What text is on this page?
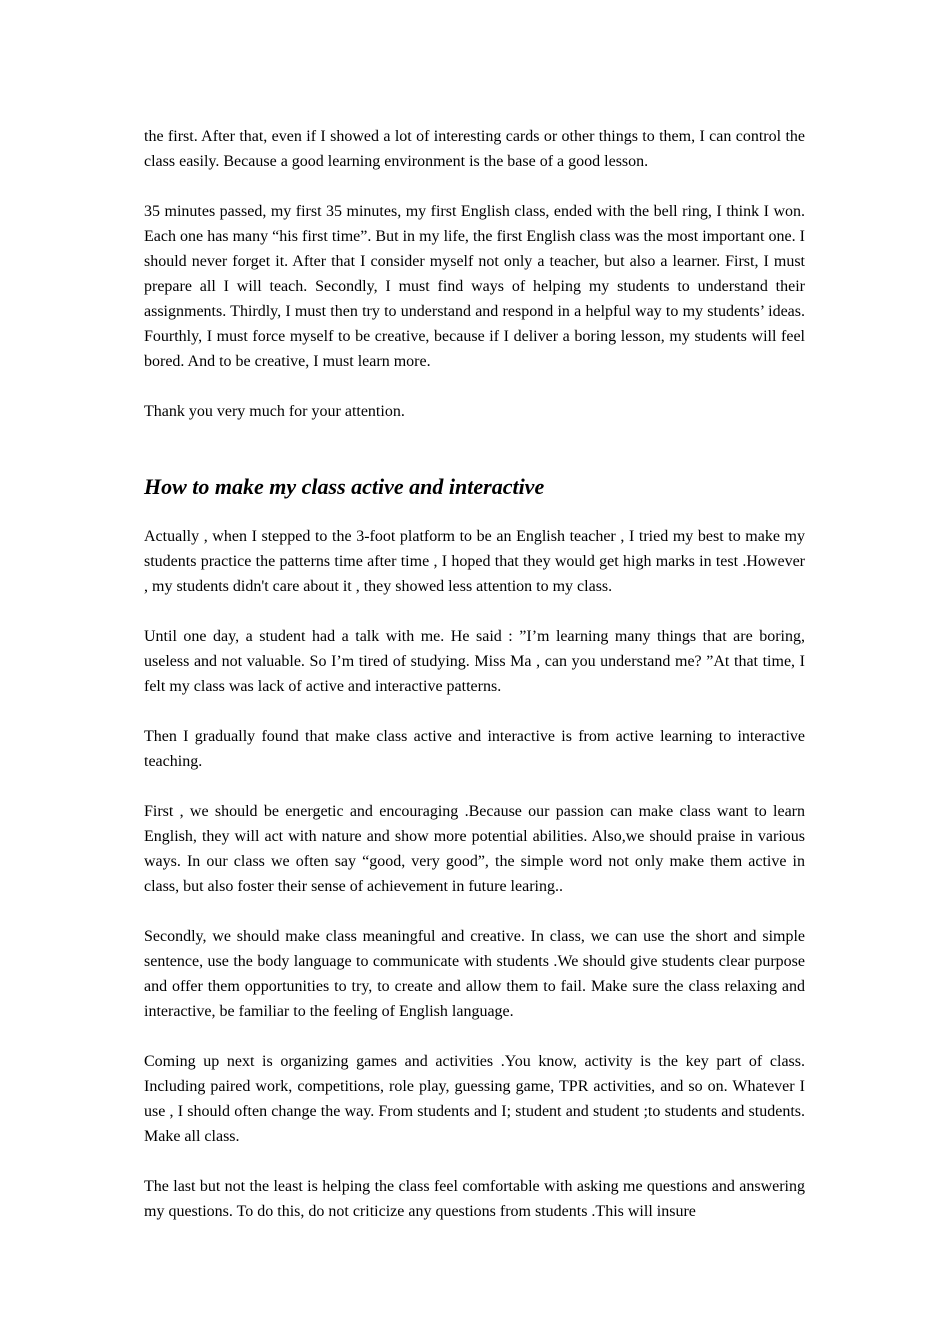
the first. After that, even if I showed a lot of interesting cards or other things to them, I can control the class easily. Because a good learning environment is the base of a good lesson.

35 minutes passed, my first 35 minutes, my first English class, ended with the bell ring, I think I won. Each one has many “his first time”. But in my life, the first English class was the most important one. I should never forget it. After that I consider myself not only a teacher, but also a learner. First, I must prepare all I will teach. Secondly, I must find ways of helping my students to understand their assignments. Thirdly, I must then try to understand and respond in a helpful way to my students’ ideas. Fourthly, I must force myself to be creative, because if I deliver a boring lesson, my students will feel bored. And to be creative, I must learn more.

Thank you very much for your attention.

How to make my class active and interactive

Actually , when I stepped to the 3-foot platform to be an English teacher , I tried my best to make my students practice the patterns time after time , I hoped that they would get high marks in test .However , my students didn't care about it , they showed less attention to my class.

Until one day, a student had a talk with me. He said : ”I’m learning many things that are boring, useless and not valuable. So I’m tired of studying. Miss Ma , can you understand me? ”At that time, I felt my class was lack of active and interactive patterns.

Then I gradually found that make class active and interactive is from active learning to interactive teaching.

First , we should be energetic and encouraging .Because our passion can make class want to learn English, they will act with nature and show more potential abilities. Also,we should praise in various ways. In our class we often say “good, very good”, the simple word not only make them active in class, but also foster their sense of achievement in future learing..

Secondly, we should make class meaningful and creative. In class, we can use the short and simple sentence, use the body language to communicate with students .We should give students clear purpose and offer them opportunities to try, to create and allow them to fail. Make sure the class relaxing and interactive, be familiar to the feeling of English language.

Coming up next is organizing games and activities .You know, activity is the key part of class. Including paired work, competitions, role play, guessing game, TPR activities, and so on. Whatever I use , I should often change the way. From students and I; student and student ;to students and students. Make all class.

The last but not the least is helping the class feel comfortable with asking me questions and answering my questions. To do this, do not criticize any questions from students .This will insure
